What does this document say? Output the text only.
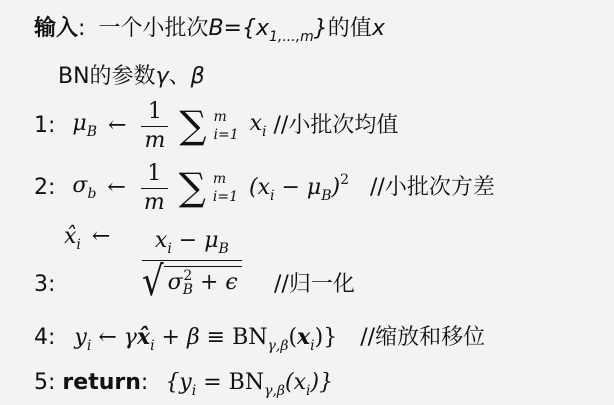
输入: 一个小批次$B=\{x_{1,...,m}\}$的值x
BN的参数γ、β
1: $\mu_B$ ← $\frac{1}{m}$ ∑ m
i=1 $x_i$ //小批次均值
2: $\sigma_b$ ← $\frac{1}{m}$ ∑ m
i=1 $(x_i - \mu_B)^2$ //小批次方差
$x̂_i$ ←
3:	$x_i - \mu_B$
√ σ 2
B + ϵ //归一化
4: $y_i$ ← $\gamma x̂_i + \beta \equiv BN_{\gamma,\beta}(x_i)$} //缩放和移位
5: return: $\{y_i = BN_{\gamma,\beta}(x_i)\}$
